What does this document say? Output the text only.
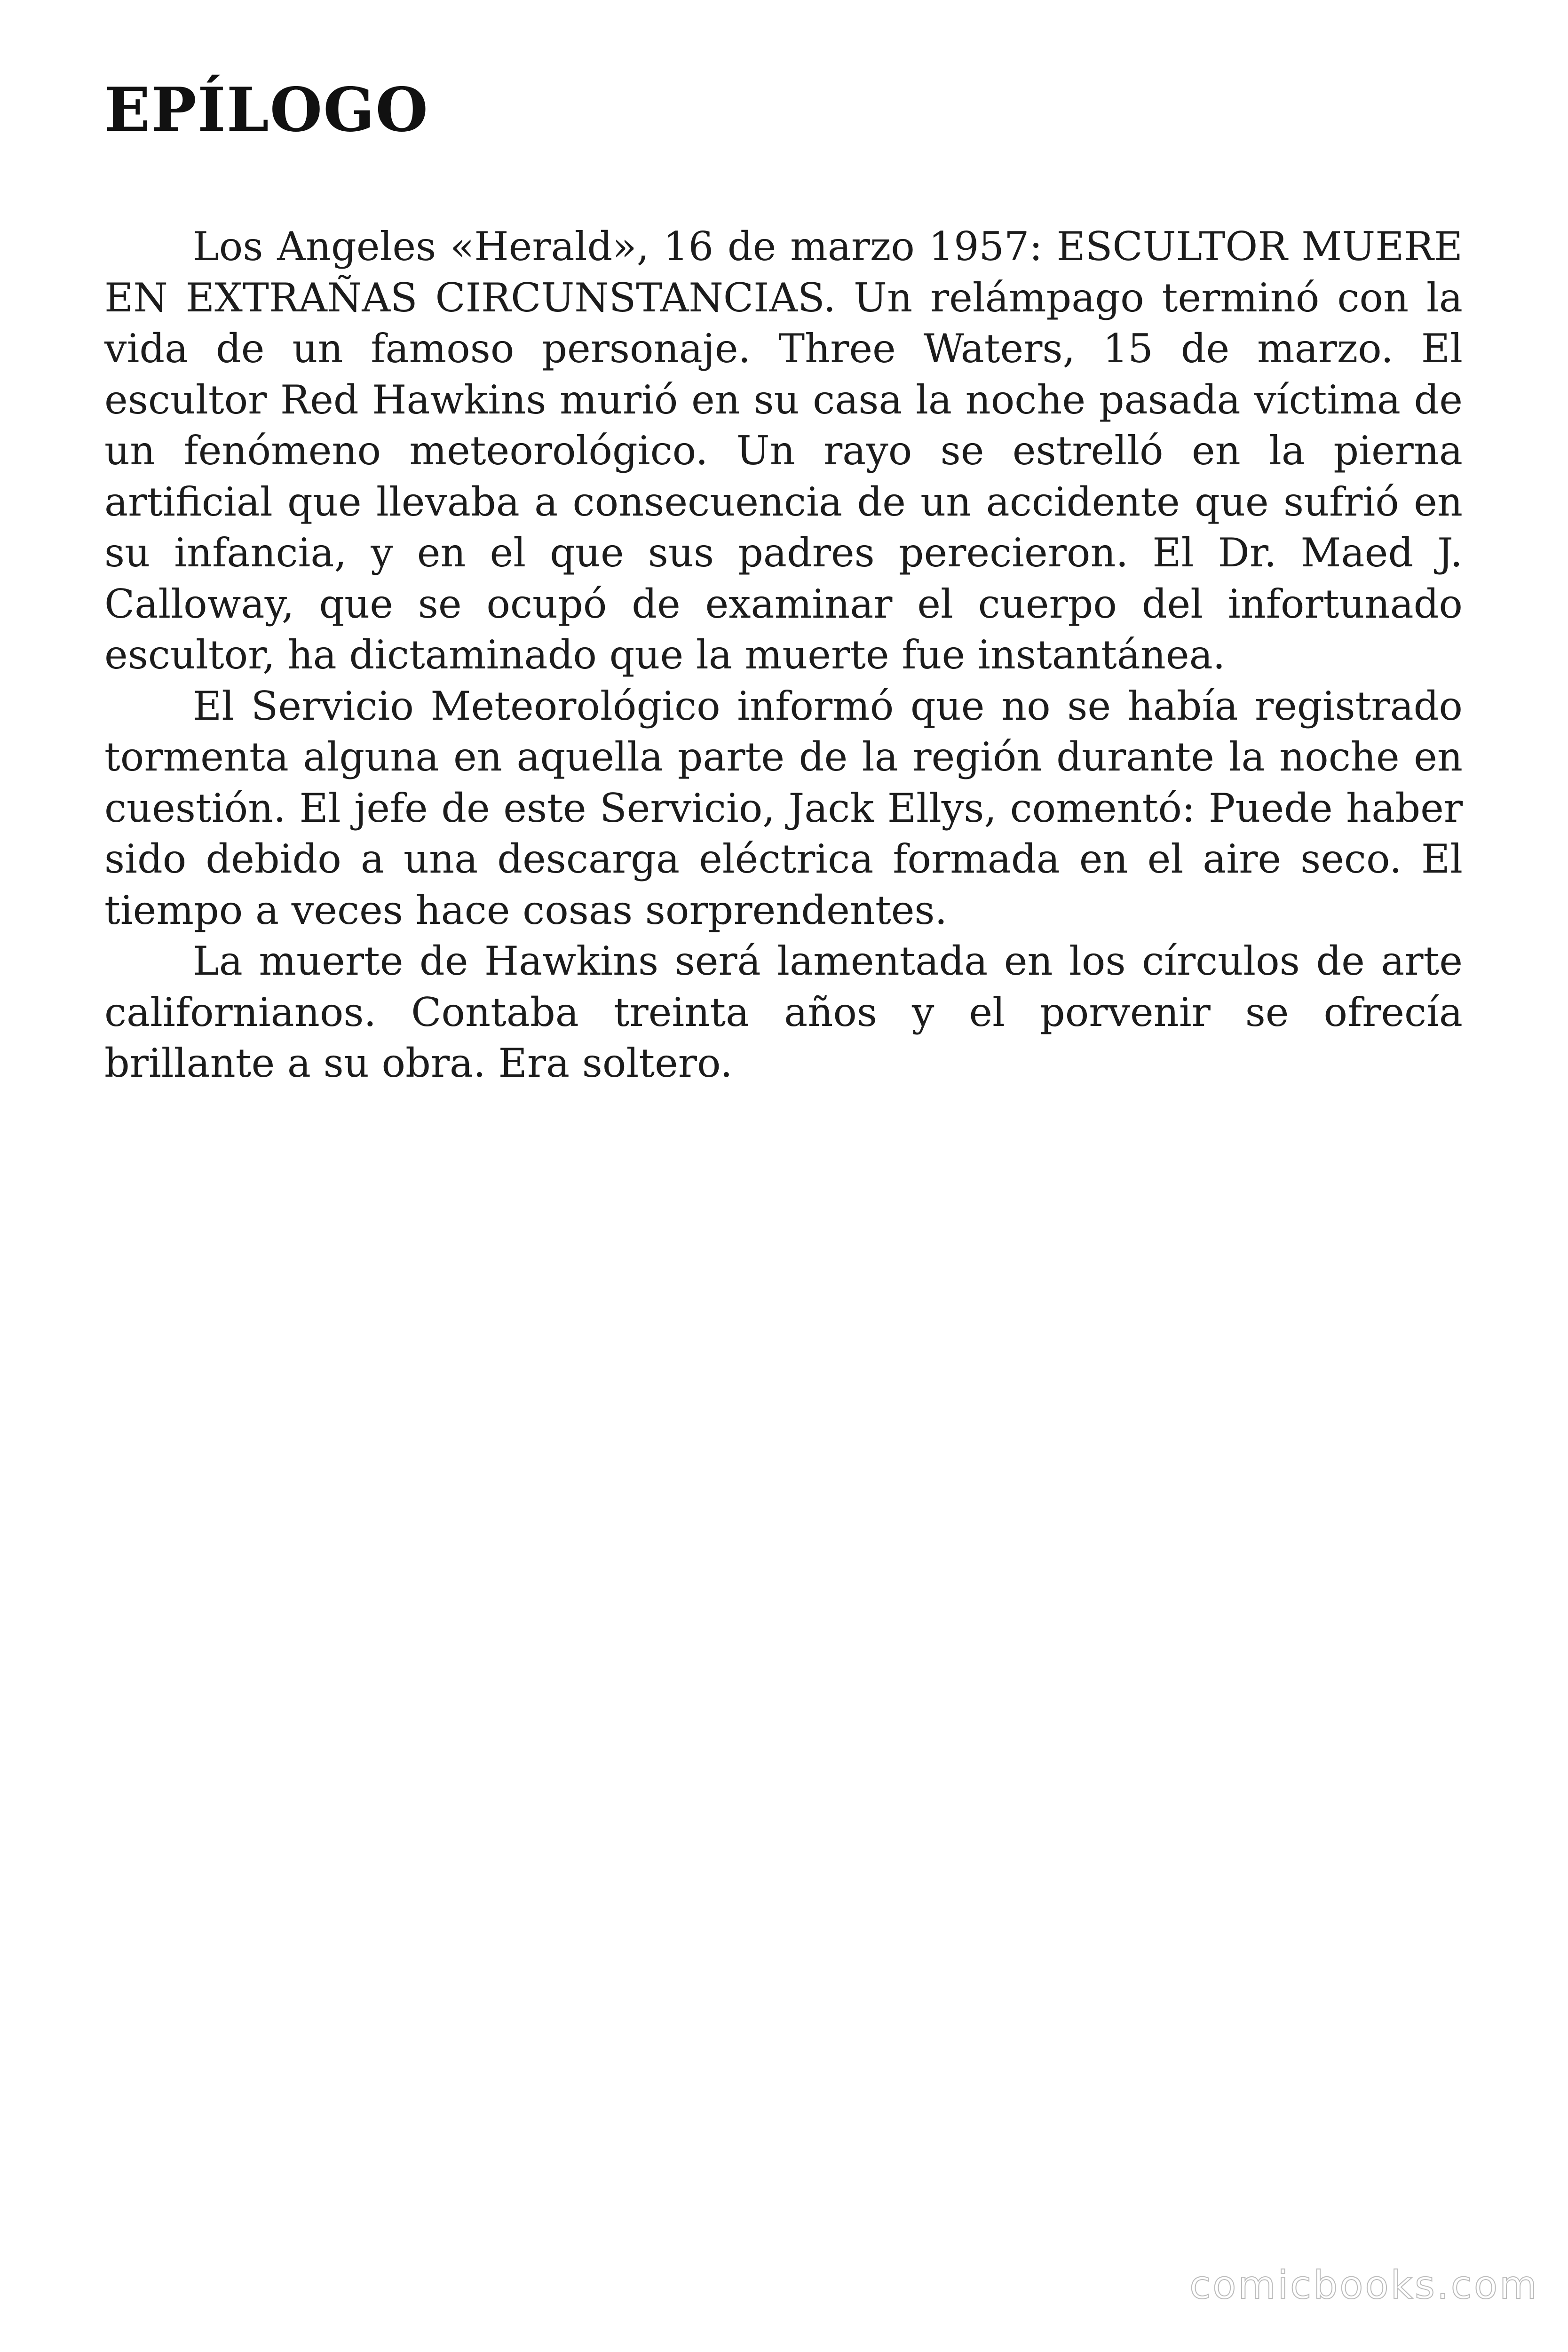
EPÍLOGO

Los Angeles «Herald», 16 de marzo 1957: ESCULTOR MUERE EN EXTRAÑAS CIRCUNSTANCIAS. Un relámpago terminó con la vida de un famoso personaje. Three Waters, 15 de marzo. El escultor Red Hawkins murió en su casa la noche pasada víctima de un fenómeno meteorológico. Un rayo se estrelló en la pierna artificial que llevaba a consecuencia de un accidente que sufrió en su infancia, y en el que sus padres perecieron. El Dr. Maed J. Calloway, que se ocupó de examinar el cuerpo del infortunado escultor, ha dictaminado que la muerte fue instantánea.

El Servicio Meteorológico informó que no se había registrado tormenta alguna en aquella parte de la región durante la noche en cuestión. El jefe de este Servicio, Jack Ellys, comentó: Puede haber sido debido a una descarga eléctrica formada en el aire seco. El tiempo a veces hace cosas sorprendentes.

La muerte de Hawkins será lamentada en los círculos de arte californianos. Contaba treinta años y el porvenir se ofrecía brillante a su obra. Era soltero.

comicbooks.com
